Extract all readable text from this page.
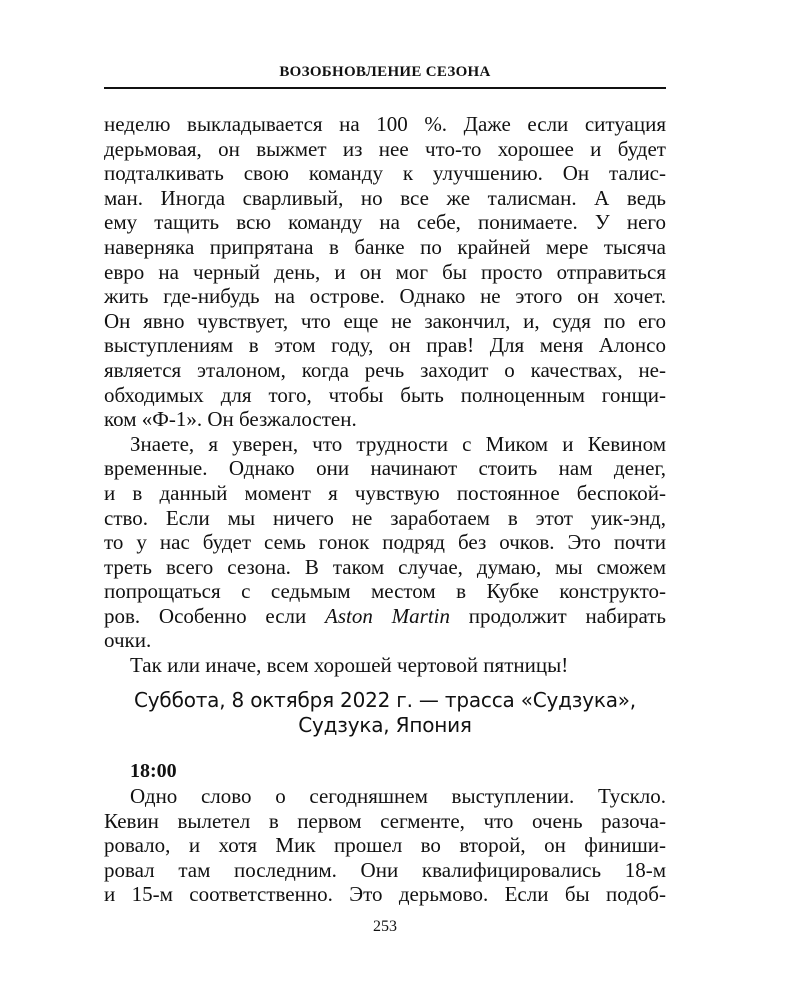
ВОЗОБНОВЛЕНИЕ СЕЗОНА
неделю выкладывается на 100 %. Даже если ситуация
дерьмовая, он выжмет из нее что-то хорошее и будет
подталкивать свою команду к улучшению. Он талис-
ман. Иногда сварливый, но все же талисман. А ведь
ему тащить всю команду на себе, понимаете. У него
наверняка припрятана в банке по крайней мере тысяча
евро на черный день, и он мог бы просто отправиться
жить где-нибудь на острове. Однако не этого он хочет.
Он явно чувствует, что еще не закончил, и, судя по его
выступлениям в этом году, он прав! Для меня Алонсо
является эталоном, когда речь заходит о качествах, не-
обходимых для того, чтобы быть полноценным гонщи-
ком «Ф-1». Он безжалостен.
Знаете, я уверен, что трудности с Миком и Кевином
временные. Однако они начинают стоить нам денег,
и в данный момент я чувствую постоянное беспокой-
ство. Если мы ничего не заработаем в этот уик-энд,
то у нас будет семь гонок подряд без очков. Это почти
треть всего сезона. В таком случае, думаю, мы сможем
попрощаться с седьмым местом в Кубке конструкто-
ров. Особенно если Aston Martin продолжит набирать
очки.
Так или иначе, всем хорошей чертовой пятницы!
Суббота, 8 октября 2022 г. — трасса «Судзука»,
Судзука, Япония
18:00
Одно слово о сегодняшнем выступлении. Тускло.
Кевин вылетел в первом сегменте, что очень разоча-
ровало, и хотя Мик прошел во второй, он финиши-
ровал там последним. Они квалифицировались 18-м
и 15-м соответственно. Это дерьмово. Если бы подоб-
253
